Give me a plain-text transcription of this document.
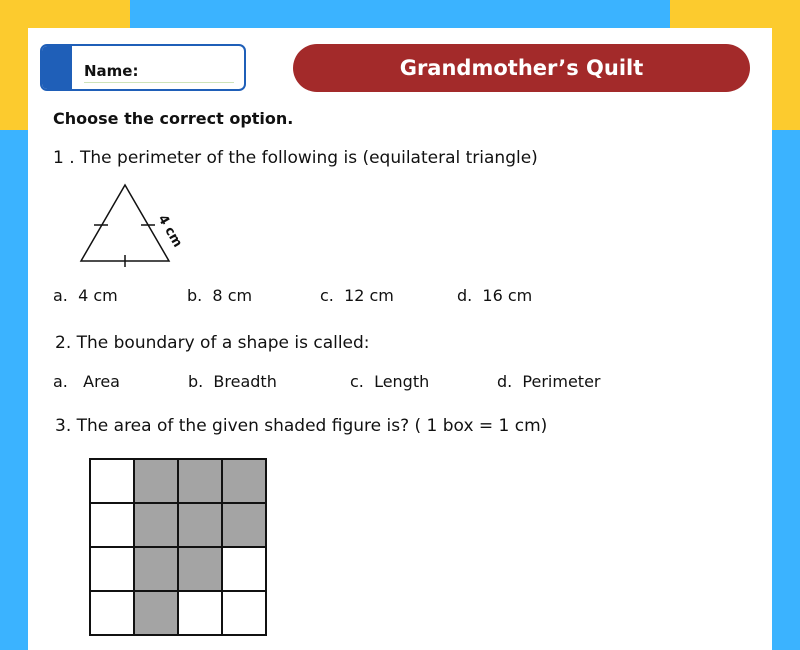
Name:	Grandmother’s Quilt
Choose the correct option.
1 . The perimeter of the following is (equilateral triangle)
4 cm
a. 4 cm	b. 8 cm	c. 12 cm	d. 16 cm
2. The boundary of a shape is called:
a. Area	b. Breadth	c. Length	d. Perimeter
3. The area of the given shaded figure is? ( 1 box = 1 cm)
